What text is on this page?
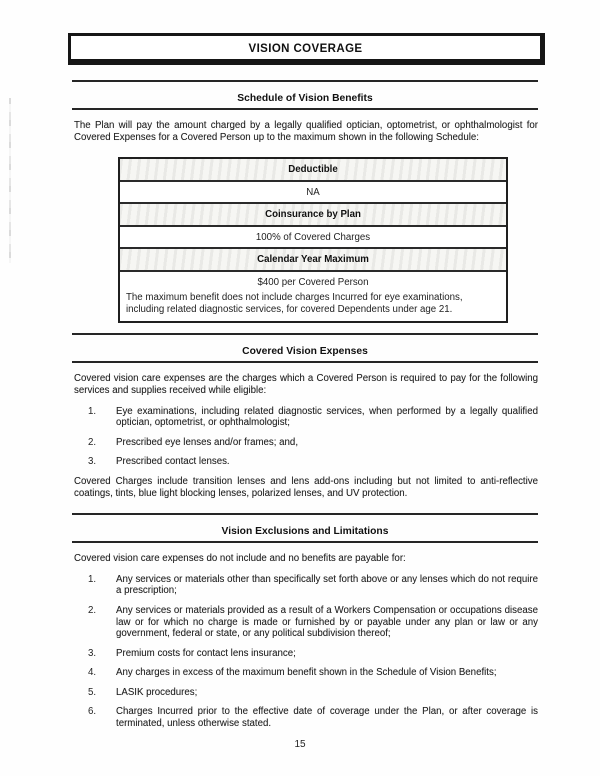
VISION COVERAGE
Schedule of Vision Benefits

The Plan will pay the amount charged by a legally qualified optician, optometrist, or ophthalmologist for Covered Expenses for a Covered Person up to the maximum shown in the following Schedule:

Deductible
NA
Coinsurance by Plan
100% of Covered Charges
Calendar Year Maximum
$400 per Covered Person
The maximum benefit does not include charges Incurred for eye examinations, including related diagnostic services, for covered Dependents under age 21.
Covered Vision Expenses

Covered vision care expenses are the charges which a Covered Person is required to pay for the following services and supplies received while eligible:

1.	Eye examinations, including related diagnostic services, when performed by a legally qualified optician, optometrist, or ophthalmologist;
2.	Prescribed eye lenses and/or frames; and,
3.	Prescribed contact lenses.

Covered Charges include transition lenses and lens add-ons including but not limited to anti-reflective coatings, tints, blue light blocking lenses, polarized lenses, and UV protection.

Vision Exclusions and Limitations

Covered vision care expenses do not include and no benefits are payable for:

1.	Any services or materials other than specifically set forth above or any lenses which do not require a prescription;
2.	Any services or materials provided as a result of a Workers Compensation or occupations disease law or for which no charge is made or furnished by or payable under any plan or law or any government, federal or state, or any political subdivision thereof;
3.	Premium costs for contact lens insurance;
4.	Any charges in excess of the maximum benefit shown in the Schedule of Vision Benefits;
5.	LASIK procedures;
6.	Charges Incurred prior to the effective date of coverage under the Plan, or after coverage is terminated, unless otherwise stated.
15
